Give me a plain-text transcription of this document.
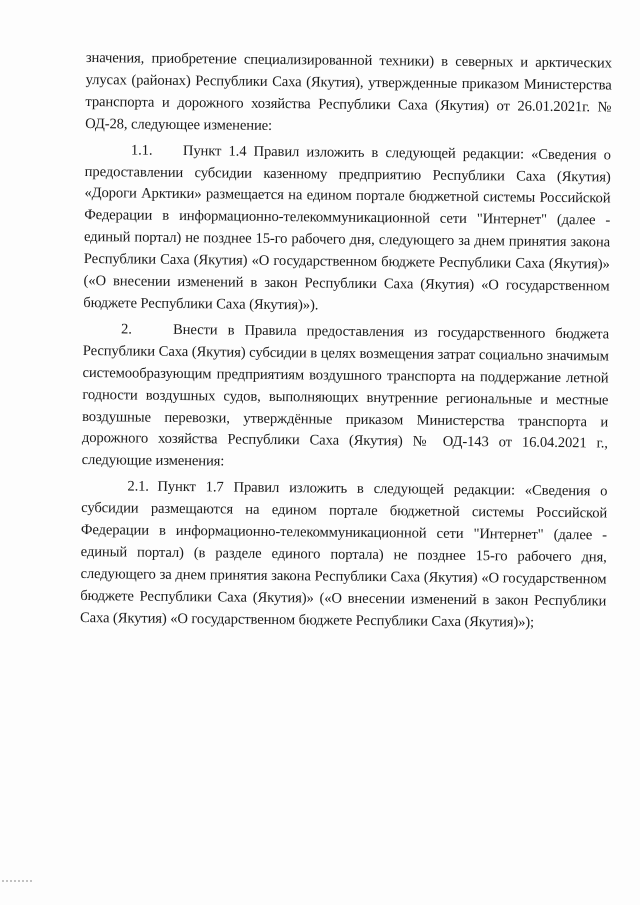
значения, приобретение специализированной техники) в северных и арктических улусах (районах) Республики Саха (Якутия), утвержденные приказом Министерства транспорта и дорожного хозяйства Республики Саха (Якутия) от 26.01.2021г. № ОД-28, следующее изменение:

1.1. Пункт 1.4 Правил изложить в следующей редакции: «Сведения о предоставлении субсидии казенному предприятию Республики Саха (Якутия) «Дороги Арктики» размещается на едином портале бюджетной системы Российской Федерации в информационно-телекоммуникационной сети "Интернет" (далее - единый портал) не позднее 15-го рабочего дня, следующего за днем принятия закона Республики Саха (Якутия) «О государственном бюджете Республики Саха (Якутия)» («О внесении изменений в закон Республики Саха (Якутия) «О государственном бюджете Республики Саха (Якутия)»).

2.	Внести в Правила предоставления из государственного бюджета Республики Саха (Якутия) субсидии в целях возмещения затрат социально значимым системообразующим предприятиям воздушного транспорта на поддержание летной годности воздушных судов, выполняющих внутренние региональные и местные воздушные перевозки, утверждённые приказом Министерства транспорта и дорожного хозяйства Республики Саха (Якутия) № ОД-143 от 16.04.2021 г., следующие изменения:

2.1. Пункт 1.7 Правил изложить в следующей редакции: «Сведения о субсидии размещаются на едином портале бюджетной системы Российской Федерации в информационно-телекоммуникационной сети "Интернет" (далее - единый портал) (в разделе единого портала) не позднее 15-го рабочего дня, следующего за днем принятия закона Республики Саха (Якутия) «О государственном бюджете Республики Саха (Якутия)» («О внесении изменений в закон Республики Саха (Якутия) «О государственном бюджете Республики Саха (Якутия)»);
